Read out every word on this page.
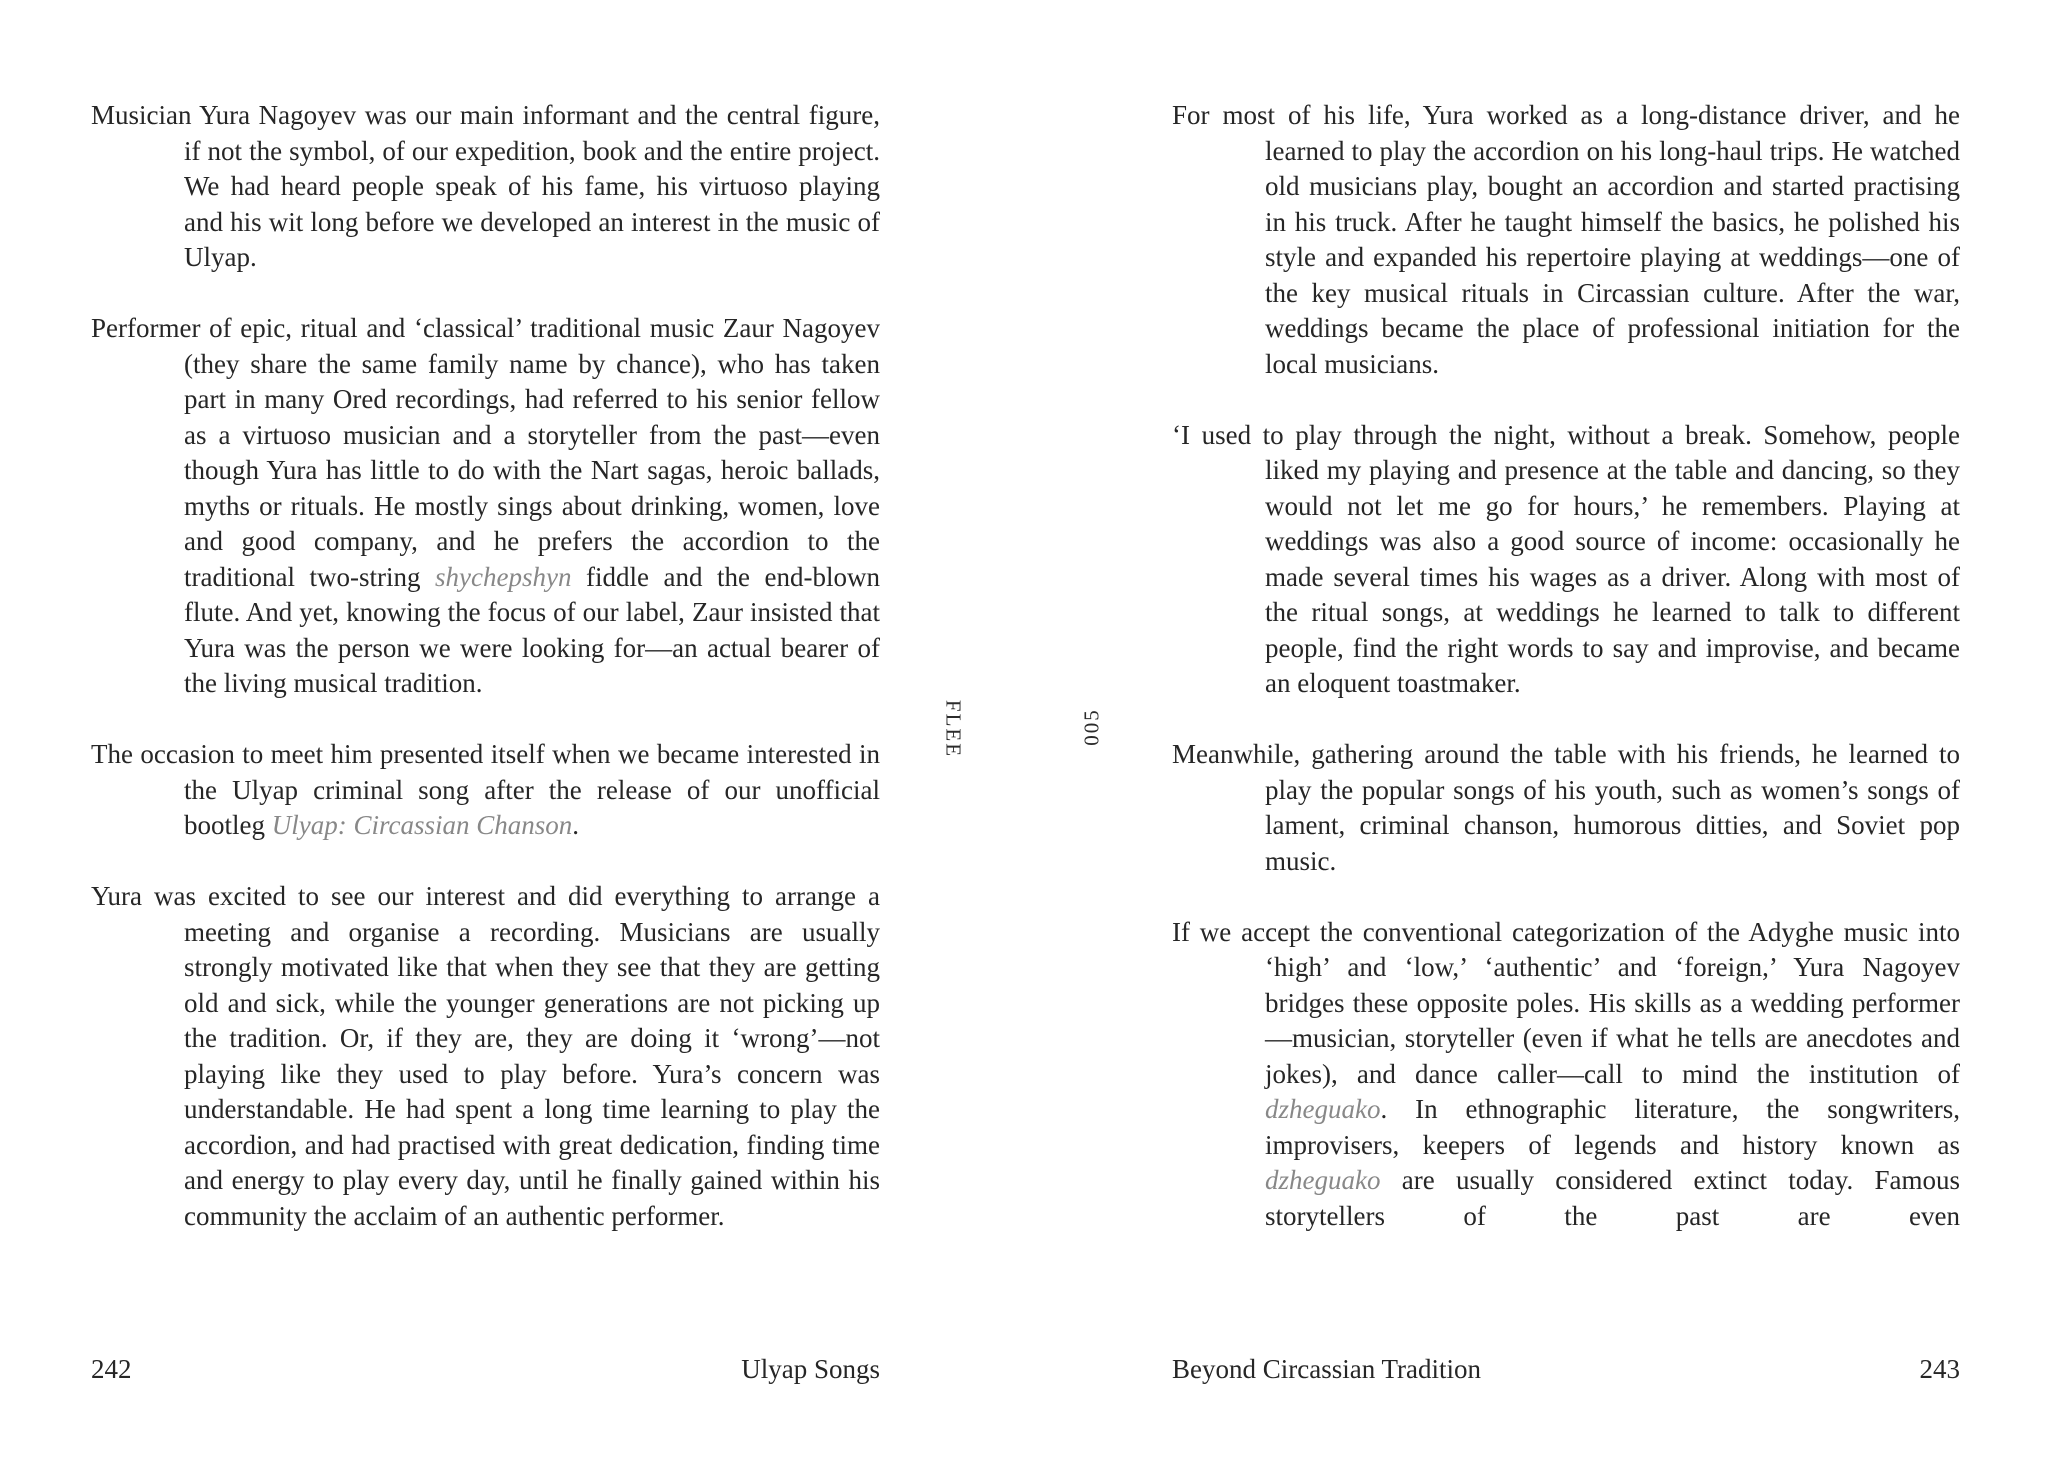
Musician Yura Nagoyev was our main informant and the central figure, if not the symbol, of our expedition, book and the entire project. We had heard people speak of his fame, his virtuoso playing and his wit long before we developed an interest in the music of Ulyap.

Performer of epic, ritual and ‘classical’ traditional music Zaur Nagoyev (they share the same family name by chance), who has taken part in many Ored recordings, had referred to his senior fellow as a virtuoso musician and a storyteller from the past—even though Yura has little to do with the Nart sagas, heroic ballads, myths or rituals. He mostly sings about drinking, women, love and good company, and he prefers the accordion to the traditional two-string shychepshyn fiddle and the end-blown flute. And yet, knowing the focus of our label, Zaur insisted that Yura was the person we were looking for—an actual bearer of the living musical tradition.

The occasion to meet him presented itself when we became interested in the Ulyap criminal song after the release of our unofficial bootleg Ulyap: Circassian Chanson.

Yura was excited to see our interest and did everything to arrange a meeting and organise a recording. Musicians are usually strongly motivated like that when they see that they are getting old and sick, while the younger generations are not picking up the tradition. Or, if they are, they are doing it ‘wrong’—not playing like they used to play before. Yura’s concern was understandable. He had spent a long time learning to play the accordion, and had practised with great dedication, finding time and energy to play every day, until he finally gained within his community the acclaim of an authentic performer.

242	Ulyap Songs
FLEE	005

For most of his life, Yura worked as a long-distance driver, and he learned to play the accordion on his long-haul trips. He watched old musicians play, bought an accordion and started practising in his truck. After he taught himself the basics, he polished his style and expanded his repertoire playing at weddings—one of the key musical rituals in Circassian culture. After the war, weddings became the place of professional initiation for the local musicians.

‘I used to play through the night, without a break. Somehow, people liked my playing and presence at the table and dancing, so they would not let me go for hours,’ he remembers. Playing at weddings was also a good source of income: occasionally he made several times his wages as a driver. Along with most of the ritual songs, at weddings he learned to talk to different people, find the right words to say and improvise, and became an eloquent toastmaker.

Meanwhile, gathering around the table with his friends, he learned to play the popular songs of his youth, such as women’s songs of lament, criminal chanson, humorous ditties, and Soviet pop music.

If we accept the conventional categorization of the Adyghe music into ‘high’ and ‘low,’ ‘authentic’ and ‘foreign,’ Yura Nagoyev bridges these opposite poles. His skills as a wedding performer—musician, storyteller (even if what he tells are anecdotes and jokes), and dance caller—call to mind the institution of dzheguako. In ethnographic literature, the songwriters, improvisers, keepers of legends and history known as dzheguako are usually considered extinct today. Famous storytellers of the past are even

Beyond Circassian Tradition	243
